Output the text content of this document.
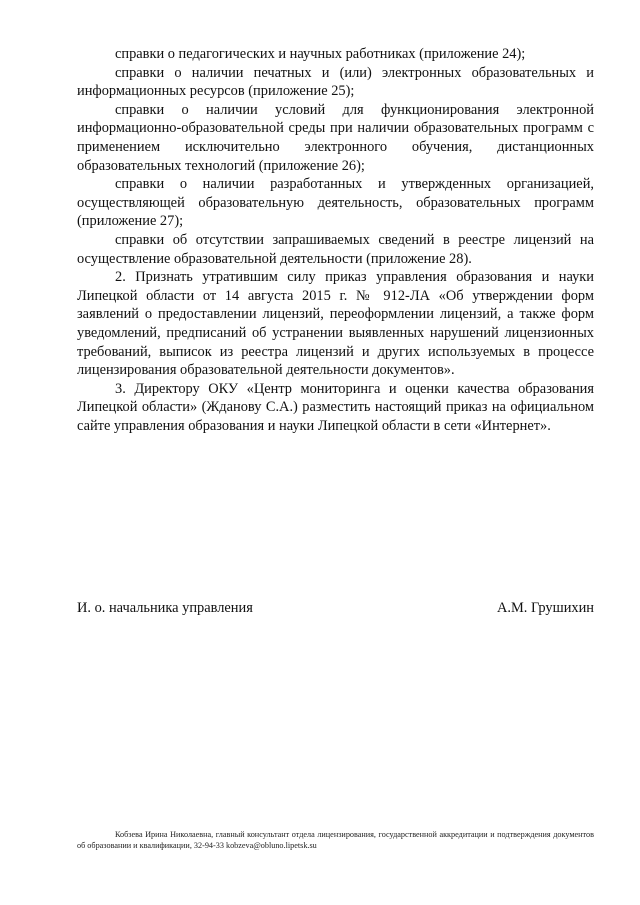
справки о педагогических и научных работниках (приложение 24);

справки о наличии печатных и (или) электронных образовательных и информационных ресурсов (приложение 25);

справки о наличии условий для функционирования электронной информационно-образовательной среды при наличии образовательных программ с применением исключительно электронного обучения, дистанционных образовательных технологий (приложение 26);

справки о наличии разработанных и утвержденных организацией, осуществляющей образовательную деятельность, образовательных программ (приложение 27);

справки об отсутствии запрашиваемых сведений в реестре лицензий на осуществление образовательной деятельности (приложение 28).

2. Признать утратившим силу приказ управления образования и науки Липецкой области от 14 августа 2015 г. № 912-ЛА «Об утверждении форм заявлений о предоставлении лицензий, переоформлении лицензий, а также форм уведомлений, предписаний об устранении выявленных нарушений лицензионных требований, выписок из реестра лицензий и других используемых в процессе лицензирования образовательной деятельности документов».

3. Директору ОКУ «Центр мониторинга и оценки качества образования Липецкой области» (Жданову С.А.) разместить настоящий приказ на официальном сайте управления образования и науки Липецкой области в сети «Интернет».

И. о. начальника управления	А.М. Грушихин
Кобзева Ирина Николаевна, главный консультант отдела лицензирования, государственной аккредитации и подтверждения документов об образовании и квалификации, 32-94-33 kobzeva@obluno.lipetsk.su
